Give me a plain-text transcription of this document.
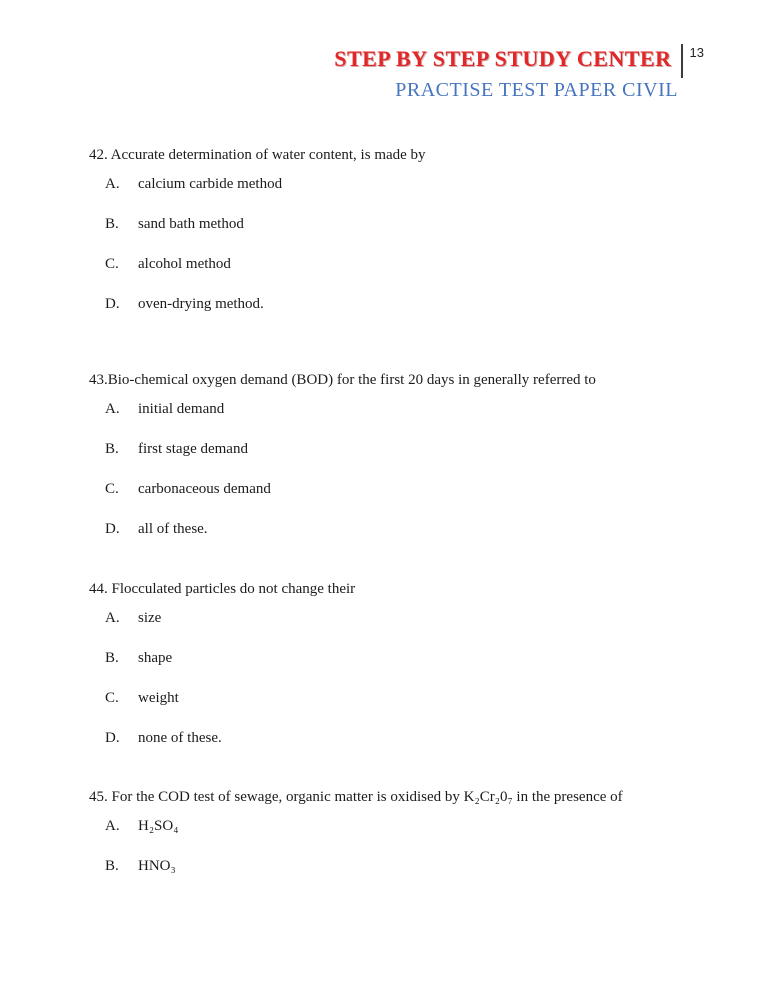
STEP BY STEP STUDY CENTER 13
PRACTISE TEST PAPER CIVIL
42. Accurate determination of water content, is made by
A.	calcium carbide method
B.	sand bath method
C.	alcohol method
D.	oven-drying method.
43.Bio-chemical oxygen demand (BOD) for the first 20 days in generally referred to
A.	initial demand
B.	first stage demand
C.	carbonaceous demand
D.	all of these.
44. Flocculated particles do not change their
A.	size
B.	shape
C.	weight
D.	none of these.
45. For the COD test of sewage, organic matter is oxidised by K₂Cr₂0₇ in the presence of
A.	H₂SO₄
B.	HNO₃
